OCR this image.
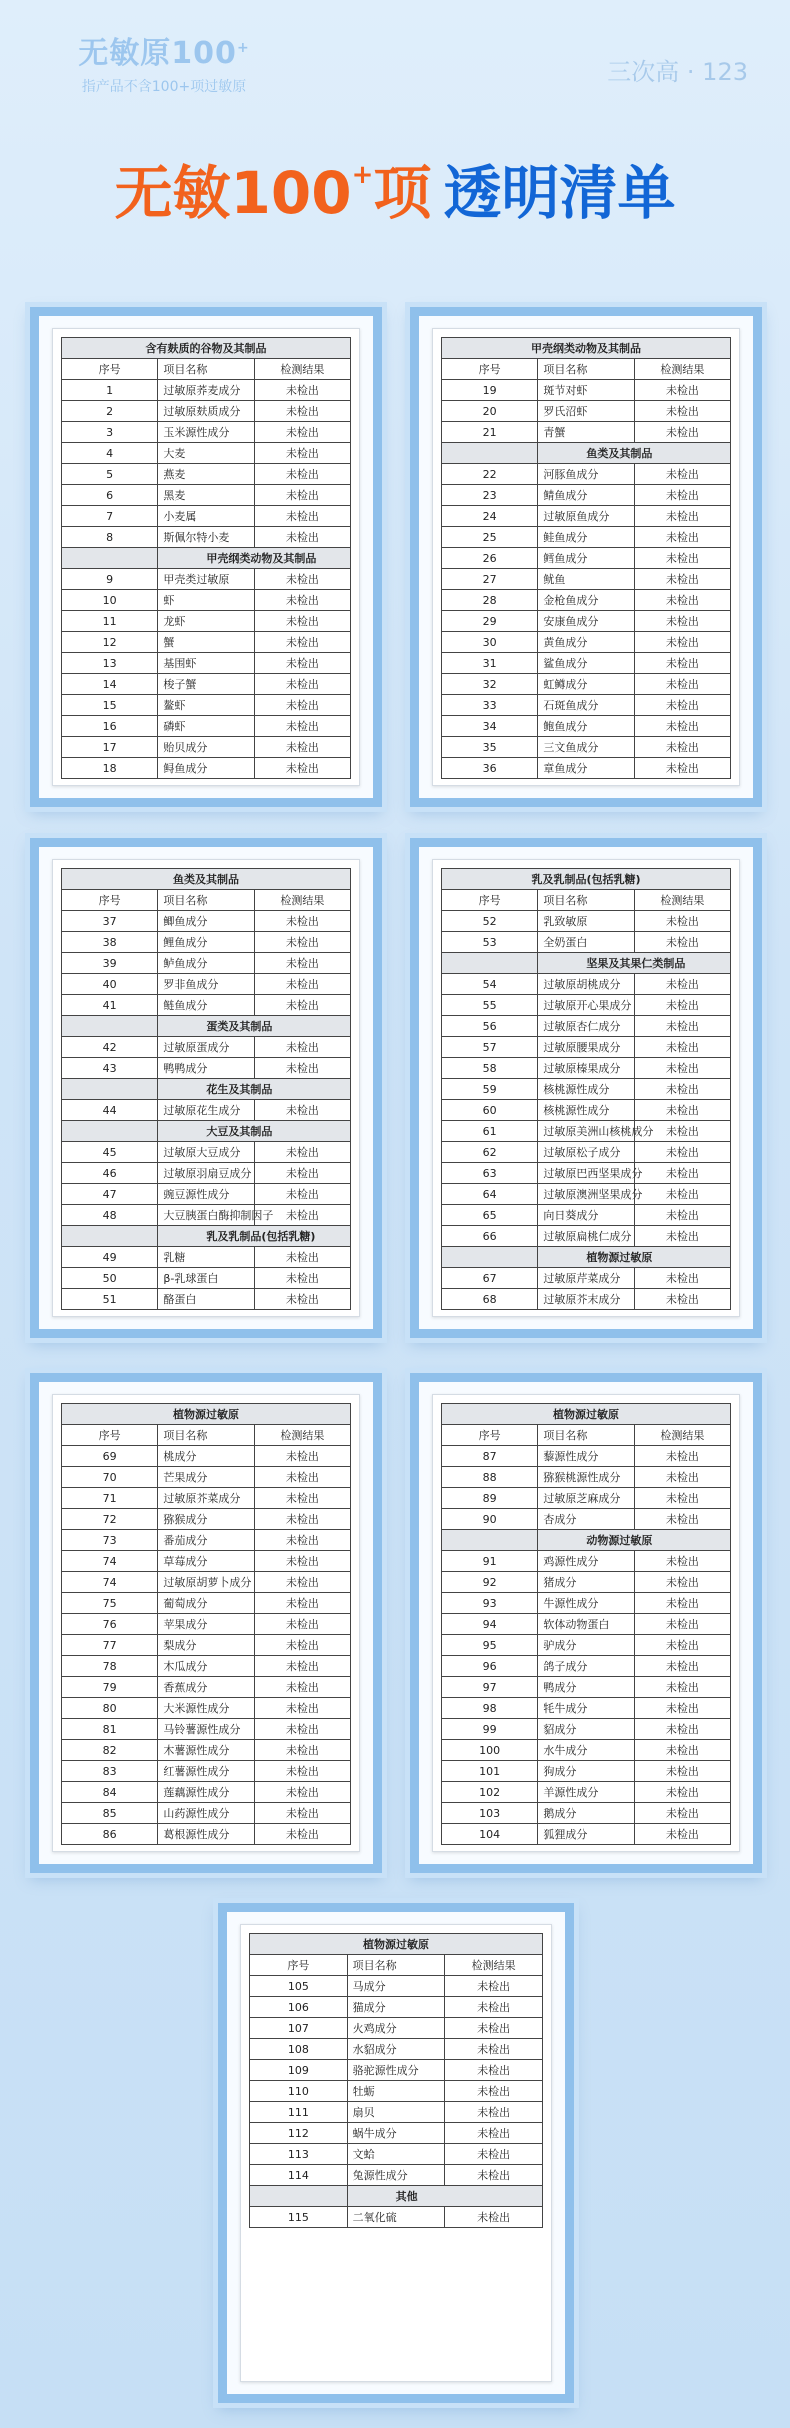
无敏原100+
指产品不含100+项过敏原
三次高 · 123
无敏100+项 透明清单
含有麸质的谷物及其制品		
序号	项目名称	检测结果
1	过敏原荞麦成分	未检出
2	过敏原麸质成分	未检出
3	玉米源性成分	未检出
4	大麦	未检出
5	燕麦	未检出
6	黑麦	未检出
7	小麦属	未检出
8	斯佩尔特小麦	未检出
	甲壳纲类动物及其制品	
9	甲壳类过敏原	未检出
10	虾	未检出
11	龙虾	未检出
12	蟹	未检出
13	基围虾	未检出
14	梭子蟹	未检出
15	鳌虾	未检出
16	磷虾	未检出
17	贻贝成分	未检出
18	鲟鱼成分	未检出
甲壳纲类动物及其制品		
序号	项目名称	检测结果
19	斑节对虾	未检出
20	罗氏沼虾	未检出
21	青蟹	未检出
	鱼类及其制品	
22	河豚鱼成分	未检出
23	鲭鱼成分	未检出
24	过敏原鱼成分	未检出
25	鲑鱼成分	未检出
26	鳕鱼成分	未检出
27	鱿鱼	未检出
28	金枪鱼成分	未检出
29	安康鱼成分	未检出
30	黄鱼成分	未检出
31	鲨鱼成分	未检出
32	虹鳟成分	未检出
33	石斑鱼成分	未检出
34	鲍鱼成分	未检出
35	三文鱼成分	未检出
36	章鱼成分	未检出
鱼类及其制品		
序号	项目名称	检测结果
37	鲫鱼成分	未检出
38	鲤鱼成分	未检出
39	鲈鱼成分	未检出
40	罗非鱼成分	未检出
41	鲢鱼成分	未检出
	蛋类及其制品	
42	过敏原蛋成分	未检出
43	鸭鸭成分	未检出
	花生及其制品	
44	过敏原花生成分	未检出
	大豆及其制品	
45	过敏原大豆成分	未检出
46	过敏原羽扇豆成分	未检出
47	豌豆源性成分	未检出
48	大豆胰蛋白酶抑制因子	未检出
	乳及乳制品(包括乳糖)	
49	乳糖	未检出
50	β-乳球蛋白	未检出
51	酪蛋白	未检出
乳及乳制品(包括乳糖)		
序号	项目名称	检测结果
52	乳致敏原	未检出
53	全奶蛋白	未检出
	坚果及其果仁类制品	
54	过敏原胡桃成分	未检出
55	过敏原开心果成分	未检出
56	过敏原杏仁成分	未检出
57	过敏原腰果成分	未检出
58	过敏原榛果成分	未检出
59	核桃源性成分	未检出
60	核桃源性成分	未检出
61	过敏原美洲山核桃成分	未检出
62	过敏原松子成分	未检出
63	过敏原巴西坚果成分	未检出
64	过敏原澳洲坚果成分	未检出
65	向日葵成分	未检出
66	过敏原扁桃仁成分	未检出
	植物源过敏原	
67	过敏原芹菜成分	未检出
68	过敏原芥末成分	未检出
植物源过敏原		
序号	项目名称	检测结果
69	桃成分	未检出
70	芒果成分	未检出
71	过敏原芥菜成分	未检出
72	猕猴成分	未检出
73	番茄成分	未检出
74	草莓成分	未检出
74	过敏原胡萝卜成分	未检出
75	葡萄成分	未检出
76	苹果成分	未检出
77	梨成分	未检出
78	木瓜成分	未检出
79	香蕉成分	未检出
80	大米源性成分	未检出
81	马铃薯源性成分	未检出
82	木薯源性成分	未检出
83	红薯源性成分	未检出
84	莲藕源性成分	未检出
85	山药源性成分	未检出
86	葛根源性成分	未检出
植物源过敏原		
序号	项目名称	检测结果
87	藜源性成分	未检出
88	猕猴桃源性成分	未检出
89	过敏原芝麻成分	未检出
90	杏成分	未检出
	动物源过敏原	
91	鸡源性成分	未检出
92	猪成分	未检出
93	牛源性成分	未检出
94	软体动物蛋白	未检出
95	驴成分	未检出
96	鸽子成分	未检出
97	鸭成分	未检出
98	牦牛成分	未检出
99	貂成分	未检出
100	水牛成分	未检出
101	狗成分	未检出
102	羊源性成分	未检出
103	鹅成分	未检出
104	狐狸成分	未检出
植物源过敏原		
序号	项目名称	检测结果
105	马成分	未检出
106	猫成分	未检出
107	火鸡成分	未检出
108	水貂成分	未检出
109	骆驼源性成分	未检出
110	牡蛎	未检出
111	扇贝	未检出
112	蜗牛成分	未检出
113	文蛤	未检出
114	兔源性成分	未检出
	其他	
115	二氧化硫	未检出
